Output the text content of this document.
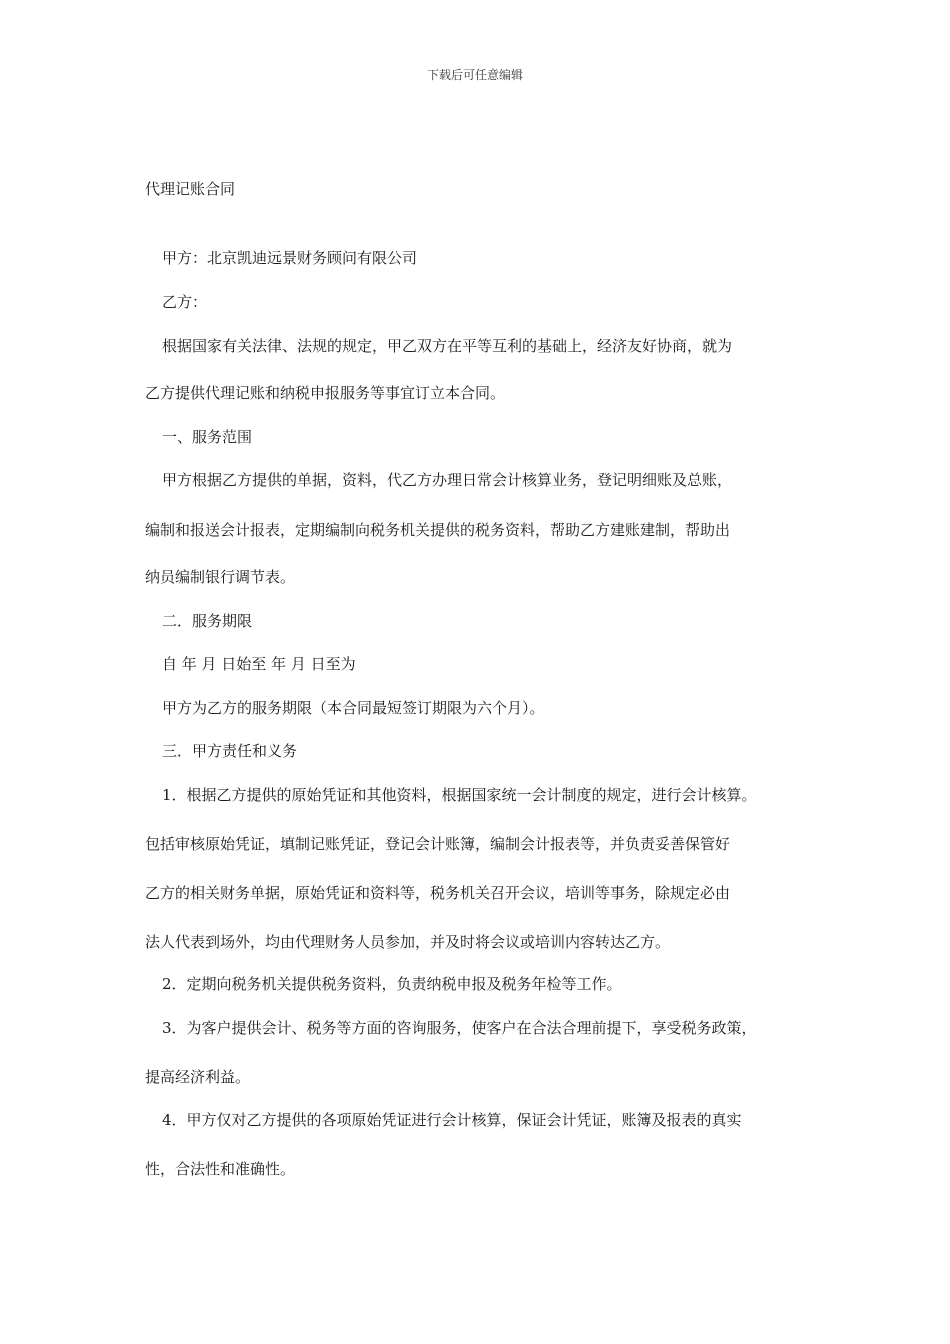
下载后可任意编辑
代理记账合同
甲方：北京凯迪远景财务顾问有限公司
乙方：
根据国家有关法律、法规的规定，甲乙双方在平等互利的基础上，经济友好协商，就为
乙方提供代理记账和纳税申报服务等事宜订立本合同。
一、服务范围
甲方根据乙方提供的单据，资料，代乙方办理日常会计核算业务，登记明细账及总账，
编制和报送会计报表，定期编制向税务机关提供的税务资料，帮助乙方建账建制，帮助出
纳员编制银行调节表。
二．服务期限
自 年 月 日始至 年 月 日至为
甲方为乙方的服务期限（本合同最短签订期限为六个月）。
三．甲方责任和义务
1．根据乙方提供的原始凭证和其他资料，根据国家统一会计制度的规定，进行会计核算。
包括审核原始凭证，填制记账凭证，登记会计账簿，编制会计报表等，并负责妥善保管好
乙方的相关财务单据，原始凭证和资料等，税务机关召开会议，培训等事务，除规定必由
法人代表到场外，均由代理财务人员参加，并及时将会议或培训内容转达乙方。
2．定期向税务机关提供税务资料，负责纳税申报及税务年检等工作。
3．为客户提供会计、税务等方面的咨询服务，使客户在合法合理前提下，享受税务政策，
提高经济利益。
4．甲方仅对乙方提供的各项原始凭证进行会计核算，保证会计凭证，账簿及报表的真实
性，合法性和准确性。
